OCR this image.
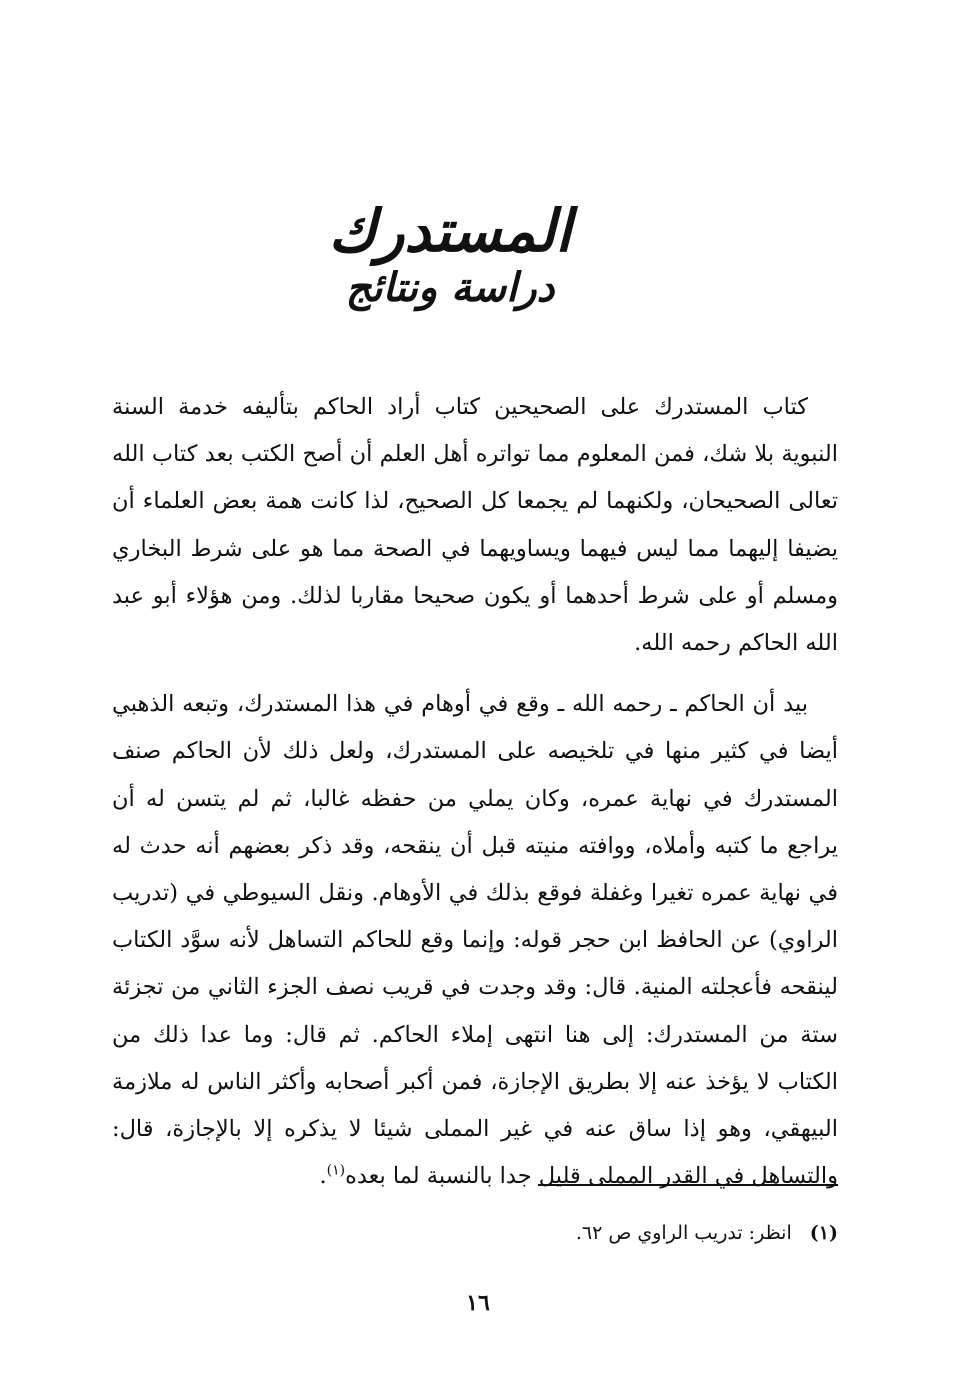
المستدرك
دراسة ونتائج

كتاب المستدرك على الصحيحين كتاب أراد الحاكم بتأليفه خدمة السنة النبوية بلا شك، فمن المعلوم مما تواتره أهل العلم أن أصح الكتب بعد كتاب الله تعالى الصحيحان، ولكنهما لم يجمعا كل الصحيح، لذا كانت همة بعض العلماء أن يضيفا إليهما مما ليس فيهما ويساويهما في الصحة مما هو على شرط البخاري ومسلم أو على شرط أحدهما أو يكون صحيحا مقاربا لذلك. ومن هؤلاء أبو عبد الله الحاكم رحمه الله.

بيد أن الحاكم ـ رحمه الله ـ وقع في أوهام في هذا المستدرك، وتبعه الذهبي أيضا في كثير منها في تلخيصه على المستدرك، ولعل ذلك لأن الحاكم صنف المستدرك في نهاية عمره، وكان يملي من حفظه غالبا، ثم لم يتسن له أن يراجع ما كتبه وأملاه، ووافته منيته قبل أن ينقحه، وقد ذكر بعضهم أنه حدث له في نهاية عمره تغيرا وغفلة فوقع بذلك في الأوهام. ونقل السيوطي في (تدريب الراوي) عن الحافظ ابن حجر قوله: وإنما وقع للحاكم التساهل لأنه سوَّد الكتاب لينقحه فأعجلته المنية. قال: وقد وجدت في قريب نصف الجزء الثاني من تجزئة ستة من المستدرك: إلى هنا انتهى إملاء الحاكم. ثم قال: وما عدا ذلك من الكتاب لا يؤخذ عنه إلا بطريق الإجازة، فمن أكبر أصحابه وأكثر الناس له ملازمة البيهقي، وهو إذا ساق عنه في غير المملى شيئا لا يذكره إلا بالإجازة، قال: والتساهل في القدر المملى قليل جدا بالنسبة لما بعده$^{(١)}$.

(١) انظر: تدريب الراوي ص ٦٢.
١٦
